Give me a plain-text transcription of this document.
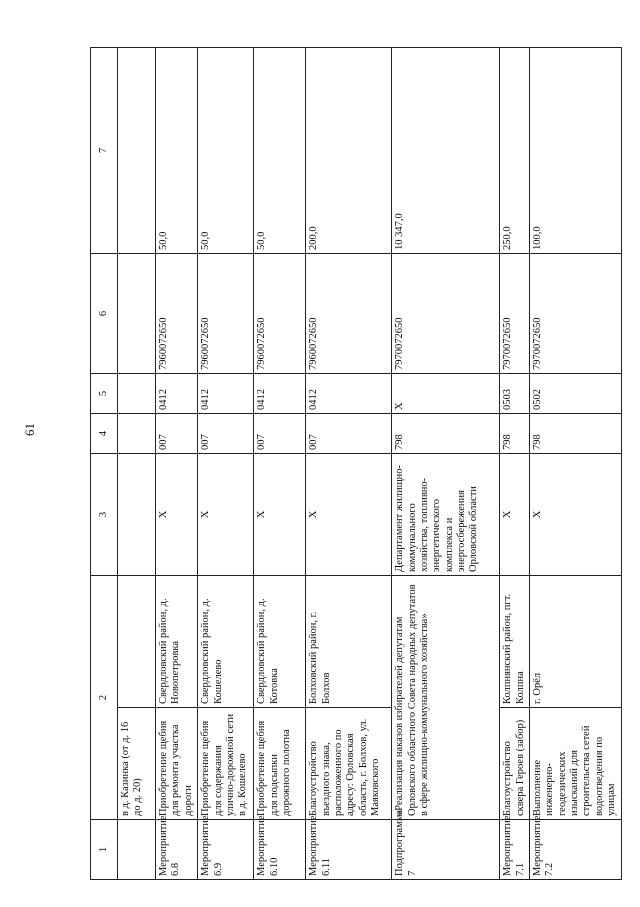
61
1	2		3	4	5	6	7
	в д. Казинка (от д. 16 до д. 20)						
Мероприятие 6.8	Приобретение щебня для ремонта участка дороги	Свердловский район, д. Новопетровка	X	007	0412	7960072650	50,0
Мероприятие 6.9	Приобретение щебня для содержания улично-дорожной сети в д. Кошелево	Свердловский район, д. Кошелево	X	007	0412	7960072650	50,0
Мероприятие 6.10	Приобретение щебня для подсыпки дорожного полотна	Свердловский район, д. Котовка	X	007	0412	7960072650	50,0
Мероприятие 6.11	Благоустройство въездного знака, расположенного по адресу: Орловская область, г. Болхов, ул. Маяковского	Болховский район, г. Болхов	X	007	0412	7960072650	200,0
Подпрограмма 7	«Реализация наказов избирателей депутатам Орловского областного Совета народных депутатов в сфере жилищно-коммунального хозяйства»		Департамент жилищно-коммунального хозяйства, топливно-энергетического комплекса и энергосбережения Орловской области	798	X	7970072650	10 347,0
Мероприятие 7.1	Благоустройство сквера Героев (забор)	Колпнянский район, пгт. Колпна	X	798	0503	7970072650	250,0
Мероприятие 7.2	Выполнение инженерно-геодезических изысканий для строительства сетей водоотведения по улицам	г. Орёл	X	798	0502	7970072650	100,0
